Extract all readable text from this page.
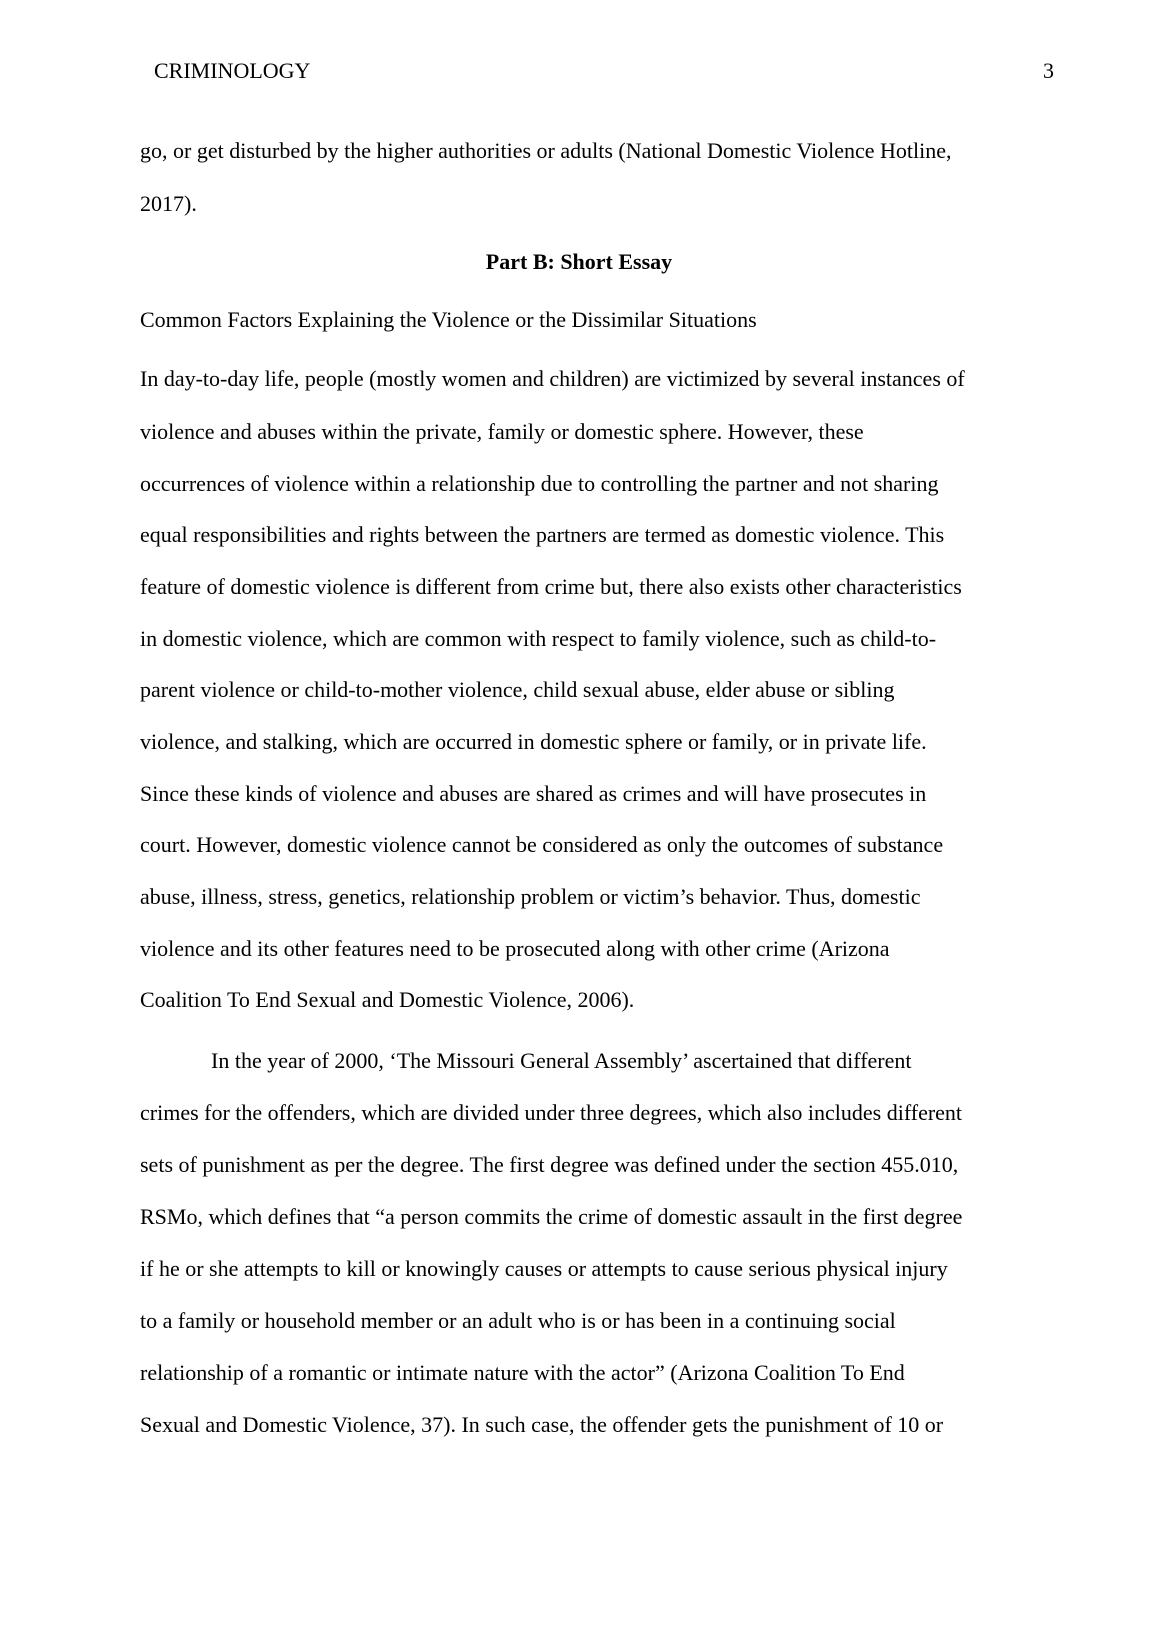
CRIMINOLOGY	3
go, or get disturbed by the higher authorities or adults (National Domestic Violence Hotline,
2017).
Part B: Short Essay
Common Factors Explaining the Violence or the Dissimilar Situations
In day-to-day life, people (mostly women and children) are victimized by several instances of
violence and abuses within the private, family or domestic sphere. However, these
occurrences of violence within a relationship due to controlling the partner and not sharing
equal responsibilities and rights between the partners are termed as domestic violence. This
feature of domestic violence is different from crime but, there also exists other characteristics
in domestic violence, which are common with respect to family violence, such as child-to-
parent violence or child-to-mother violence, child sexual abuse, elder abuse or sibling
violence, and stalking, which are occurred in domestic sphere or family, or in private life.
Since these kinds of violence and abuses are shared as crimes and will have prosecutes in
court. However, domestic violence cannot be considered as only the outcomes of substance
abuse, illness, stress, genetics, relationship problem or victim’s behavior. Thus, domestic
violence and its other features need to be prosecuted along with other crime (Arizona
Coalition To End Sexual and Domestic Violence, 2006).
In the year of 2000, ‘The Missouri General Assembly’ ascertained that different
crimes for the offenders, which are divided under three degrees, which also includes different
sets of punishment as per the degree. The first degree was defined under the section 455.010,
RSMo, which defines that “a person commits the crime of domestic assault in the first degree
if he or she attempts to kill or knowingly causes or attempts to cause serious physical injury
to a family or household member or an adult who is or has been in a continuing social
relationship of a romantic or intimate nature with the actor” (Arizona Coalition To End
Sexual and Domestic Violence, 37). In such case, the offender gets the punishment of 10 or
